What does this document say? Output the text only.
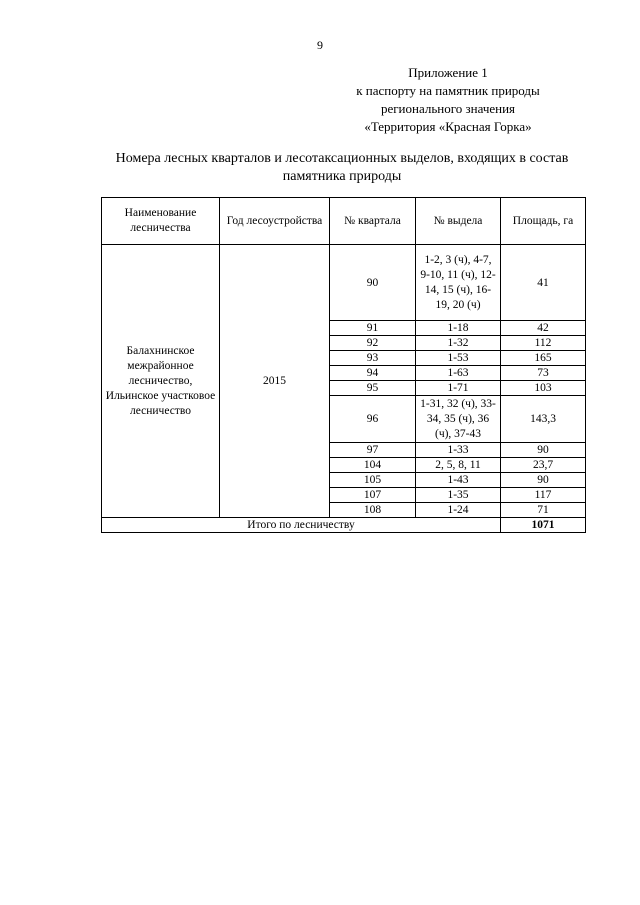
9
Приложение 1
к паспорту на памятник природы
регионального значения
«Территория «Красная Горка»
Номера лесных кварталов и лесотаксационных выделов, входящих в состав
памятника природы
Наименование лесничества	Год лесоустройства	№ квартала	№ выдела	Площадь, га
Балахнинское межрайонное лесничество, Ильинское участковое лесничество	2015	90	1-2, 3 (ч), 4-7, 9-10, 11 (ч), 12-14, 15 (ч), 16-19, 20 (ч)	41
		91	1-18	42
		92	1-32	112
		93	1-53	165
		94	1-63	73
		95	1-71	103
		96	1-31, 32 (ч), 33-34, 35 (ч), 36 (ч), 37-43	143,3
		97	1-33	90
		104	2, 5, 8, 11	23,7
		105	1-43	90
		107	1-35	117
		108	1-24	71
Итого по лесничеству				1071
